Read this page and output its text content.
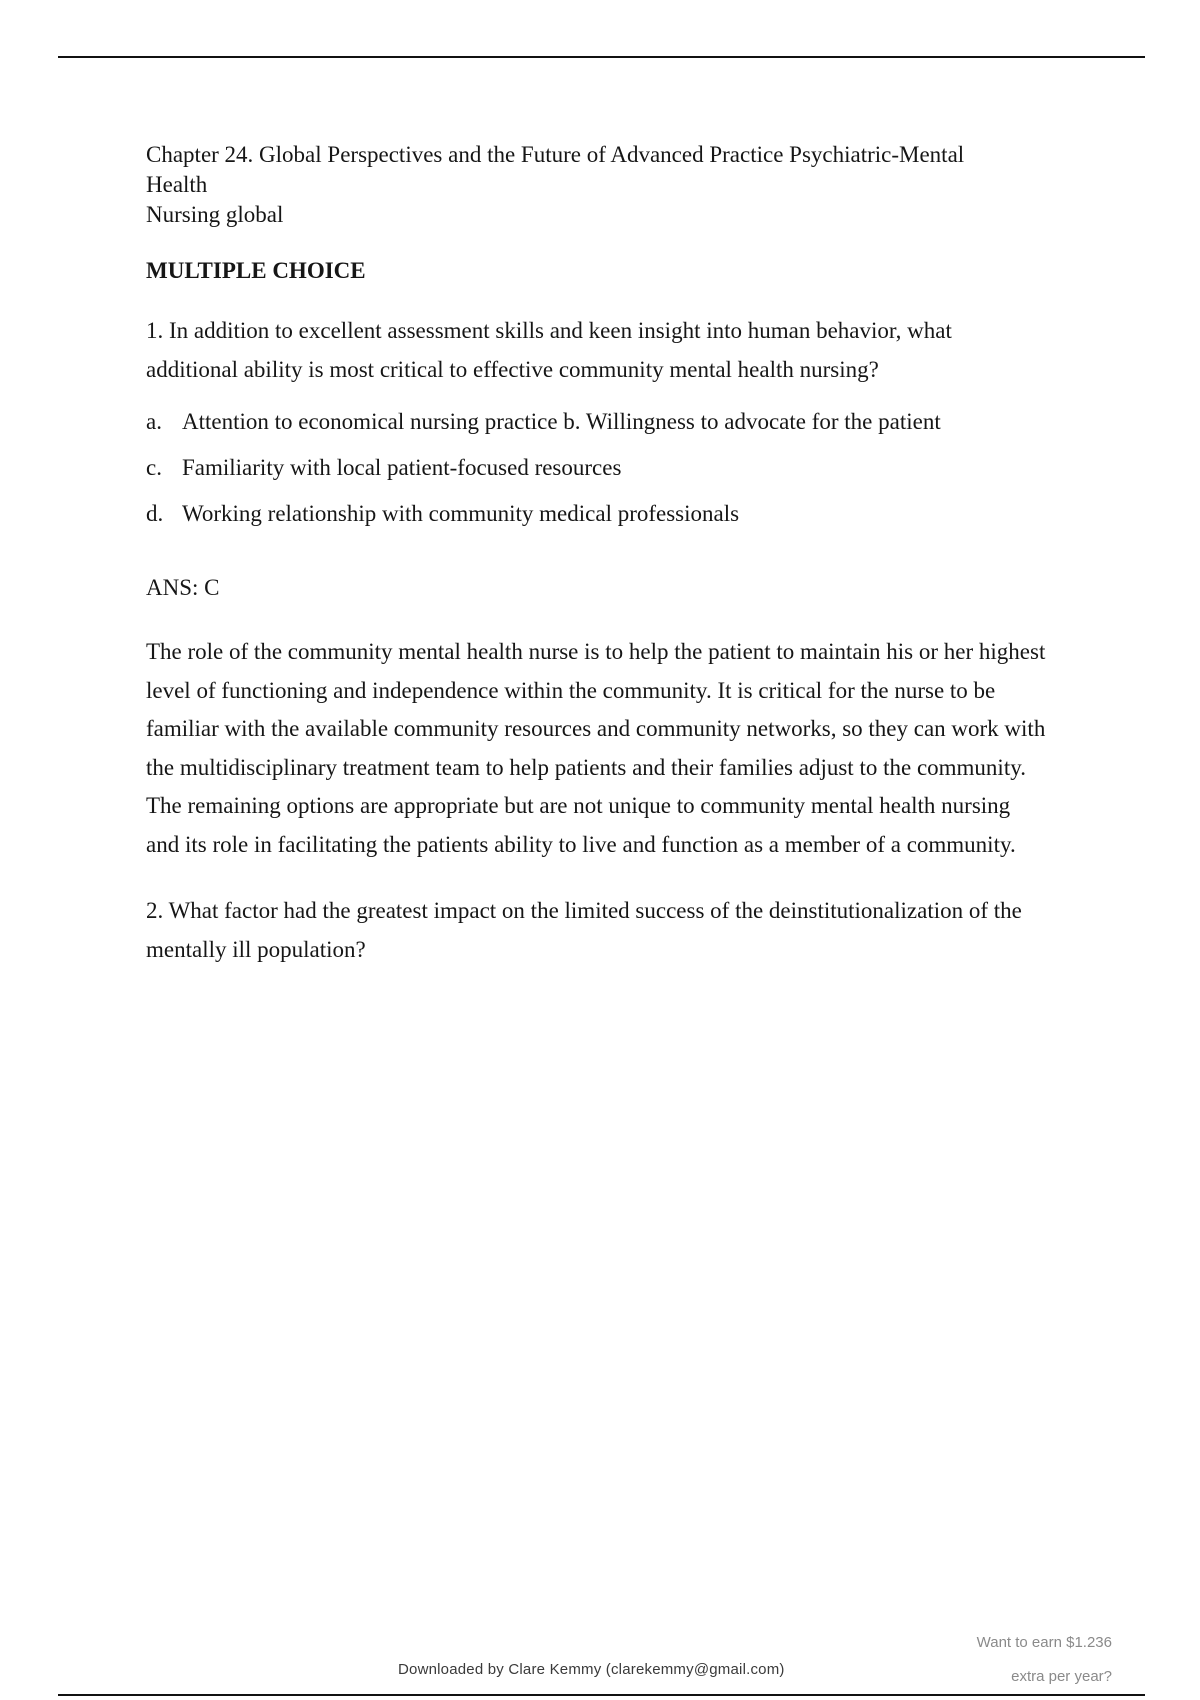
Chapter 24. Global Perspectives and the Future of Advanced Practice Psychiatric-Mental
Health
Nursing global

MULTIPLE CHOICE

1. In addition to excellent assessment skills and keen insight into human behavior, what additional ability is most critical to effective community mental health nursing?

a. Attention to economical nursing practice b. Willingness to advocate for the patient
c. Familiarity with local patient-focused resources
d. Working relationship with community medical professionals

ANS: C

The role of the community mental health nurse is to help the patient to maintain his or her highest level of functioning and independence within the community. It is critical for the nurse to be familiar with the available community resources and community networks, so they can work with the multidisciplinary treatment team to help patients and their families adjust to the community. The remaining options are appropriate but are not unique to community mental health nursing and its role in facilitating the patients ability to live and function as a member of a community.

2. What factor had the greatest impact on the limited success of the deinstitutionalization of the mentally ill population?

Want to earn $1.236
extra per year?
Downloaded by Clare Kemmy (clarekemmy@gmail.com)
